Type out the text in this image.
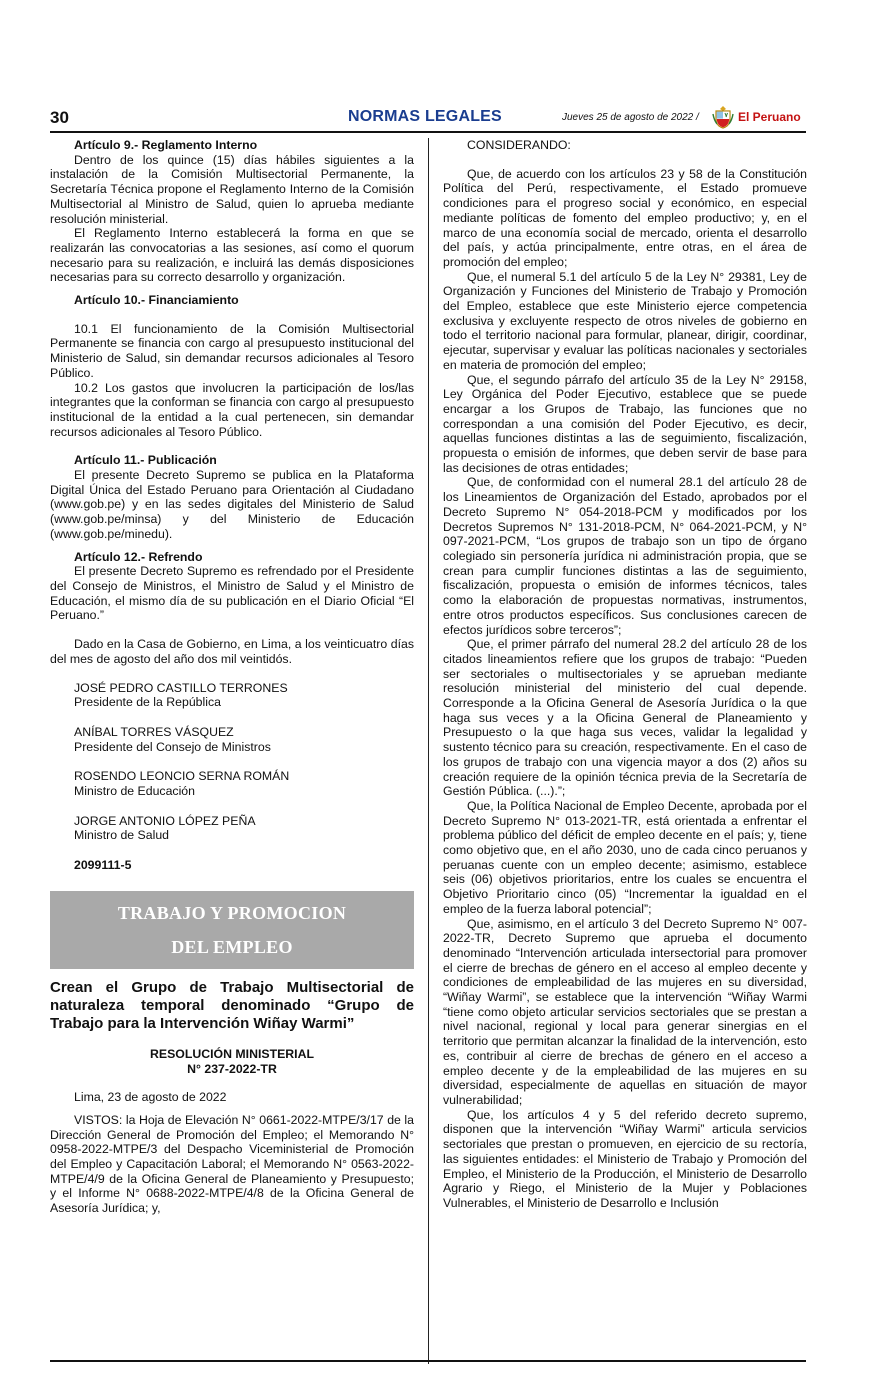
30	NORMAS LEGALES	Jueves 25 de agosto de 2022 /	El Peruano

Artículo 9.- Reglamento Interno

Dentro de los quince (15) días hábiles siguientes a la instalación de la Comisión Multisectorial Permanente, la Secretaría Técnica propone el Reglamento Interno de la Comisión Multisectorial al Ministro de Salud, quien lo aprueba mediante resolución ministerial.

El Reglamento Interno establecerá la forma en que se realizarán las convocatorias a las sesiones, así como el quorum necesario para su realización, e incluirá las demás disposiciones necesarias para su correcto desarrollo y organización.

Artículo 10.- Financiamiento

10.1 El funcionamiento de la Comisión Multisectorial Permanente se financia con cargo al presupuesto institucional del Ministerio de Salud, sin demandar recursos adicionales al Tesoro Público.

10.2 Los gastos que involucren la participación de los/las integrantes que la conforman se financia con cargo al presupuesto institucional de la entidad a la cual pertenecen, sin demandar recursos adicionales al Tesoro Público.

Artículo 11.- Publicación

El presente Decreto Supremo se publica en la Plataforma Digital Única del Estado Peruano para Orientación al Ciudadano (www.gob.pe) y en las sedes digitales del Ministerio de Salud (www.gob.pe/minsa) y del Ministerio de Educación (www.gob.pe/minedu).

Artículo 12.- Refrendo

El presente Decreto Supremo es refrendado por el Presidente del Consejo de Ministros, el Ministro de Salud y el Ministro de Educación, el mismo día de su publicación en el Diario Oficial “El Peruano.”

Dado en la Casa de Gobierno, en Lima, a los veinticuatro días del mes de agosto del año dos mil veintidós.

JOSÉ PEDRO CASTILLO TERRONES

Presidente de la República

ANÍBAL TORRES VÁSQUEZ

Presidente del Consejo de Ministros

ROSENDO LEONCIO SERNA ROMÁN

Ministro de Educación

JORGE ANTONIO LÓPEZ PEÑA

Ministro de Salud

2099111-5

TRABAJO Y PROMOCION
DEL EMPLEO

Crean el Grupo de Trabajo Multisectorial de naturaleza temporal denominado “Grupo de Trabajo para la Intervención Wiñay Warmi”

RESOLUCIÓN MINISTERIAL

N° 237-2022-TR

Lima, 23 de agosto de 2022

VISTOS: la Hoja de Elevación N° 0661-2022-MTPE/3/17 de la Dirección General de Promoción del Empleo; el Memorando N° 0958-2022-MTPE/3 del Despacho Viceministerial de Promoción del Empleo y Capacitación Laboral; el Memorando N° 0563-2022-MTPE/4/9 de la Oficina General de Planeamiento y Presupuesto; y el Informe N° 0688-2022-MTPE/4/8 de la Oficina General de Asesoría Jurídica; y,

CONSIDERANDO:

Que, de acuerdo con los artículos 23 y 58 de la Constitución Política del Perú, respectivamente, el Estado promueve condiciones para el progreso social y económico, en especial mediante políticas de fomento del empleo productivo; y, en el marco de una economía social de mercado, orienta el desarrollo del país, y actúa principalmente, entre otras, en el área de promoción del empleo;

Que, el numeral 5.1 del artículo 5 de la Ley N° 29381, Ley de Organización y Funciones del Ministerio de Trabajo y Promoción del Empleo, establece que este Ministerio ejerce competencia exclusiva y excluyente respecto de otros niveles de gobierno en todo el territorio nacional para formular, planear, dirigir, coordinar, ejecutar, supervisar y evaluar las políticas nacionales y sectoriales en materia de promoción del empleo;

Que, el segundo párrafo del artículo 35 de la Ley N° 29158, Ley Orgánica del Poder Ejecutivo, establece que se puede encargar a los Grupos de Trabajo, las funciones que no correspondan a una comisión del Poder Ejecutivo, es decir, aquellas funciones distintas a las de seguimiento, fiscalización, propuesta o emisión de informes, que deben servir de base para las decisiones de otras entidades;

Que, de conformidad con el numeral 28.1 del artículo 28 de los Lineamientos de Organización del Estado, aprobados por el Decreto Supremo N° 054-2018-PCM y modificados por los Decretos Supremos N° 131-2018-PCM, N° 064-2021-PCM, y N° 097-2021-PCM, “Los grupos de trabajo son un tipo de órgano colegiado sin personería jurídica ni administración propia, que se crean para cumplir funciones distintas a las de seguimiento, fiscalización, propuesta o emisión de informes técnicos, tales como la elaboración de propuestas normativas, instrumentos, entre otros productos específicos. Sus conclusiones carecen de efectos jurídicos sobre terceros”;

Que, el primer párrafo del numeral 28.2 del artículo 28 de los citados lineamientos refiere que los grupos de trabajo: “Pueden ser sectoriales o multisectoriales y se aprueban mediante resolución ministerial del ministerio del cual depende. Corresponde a la Oficina General de Asesoría Jurídica o la que haga sus veces y a la Oficina General de Planeamiento y Presupuesto o la que haga sus veces, validar la legalidad y sustento técnico para su creación, respectivamente. En el caso de los grupos de trabajo con una vigencia mayor a dos (2) años su creación requiere de la opinión técnica previa de la Secretaría de Gestión Pública. (...).”;

Que, la Política Nacional de Empleo Decente, aprobada por el Decreto Supremo N° 013-2021-TR, está orientada a enfrentar el problema público del déficit de empleo decente en el país; y, tiene como objetivo que, en el año 2030, uno de cada cinco peruanos y peruanas cuente con un empleo decente; asimismo, establece seis (06) objetivos prioritarios, entre los cuales se encuentra el Objetivo Prioritario cinco (05) “Incrementar la igualdad en el empleo de la fuerza laboral potencial”;

Que, asimismo, en el artículo 3 del Decreto Supremo N° 007-2022-TR, Decreto Supremo que aprueba el documento denominado “Intervención articulada intersectorial para promover el cierre de brechas de género en el acceso al empleo decente y condiciones de empleabilidad de las mujeres en su diversidad, “Wiñay Warmi”, se establece que la intervención “Wiñay Warmi “tiene como objeto articular servicios sectoriales que se prestan a nivel nacional, regional y local para generar sinergias en el territorio que permitan alcanzar la finalidad de la intervención, esto es, contribuir al cierre de brechas de género en el acceso a empleo decente y de la empleabilidad de las mujeres en su diversidad, especialmente de aquellas en situación de mayor vulnerabilidad;

Que, los artículos 4 y 5 del referido decreto supremo, disponen que la intervención “Wiñay Warmi” articula servicios sectoriales que prestan o promueven, en ejercicio de su rectoría, las siguientes entidades: el Ministerio de Trabajo y Promoción del Empleo, el Ministerio de la Producción, el Ministerio de Desarrollo Agrario y Riego, el Ministerio de la Mujer y Poblaciones Vulnerables, el Ministerio de Desarrollo e Inclusión
